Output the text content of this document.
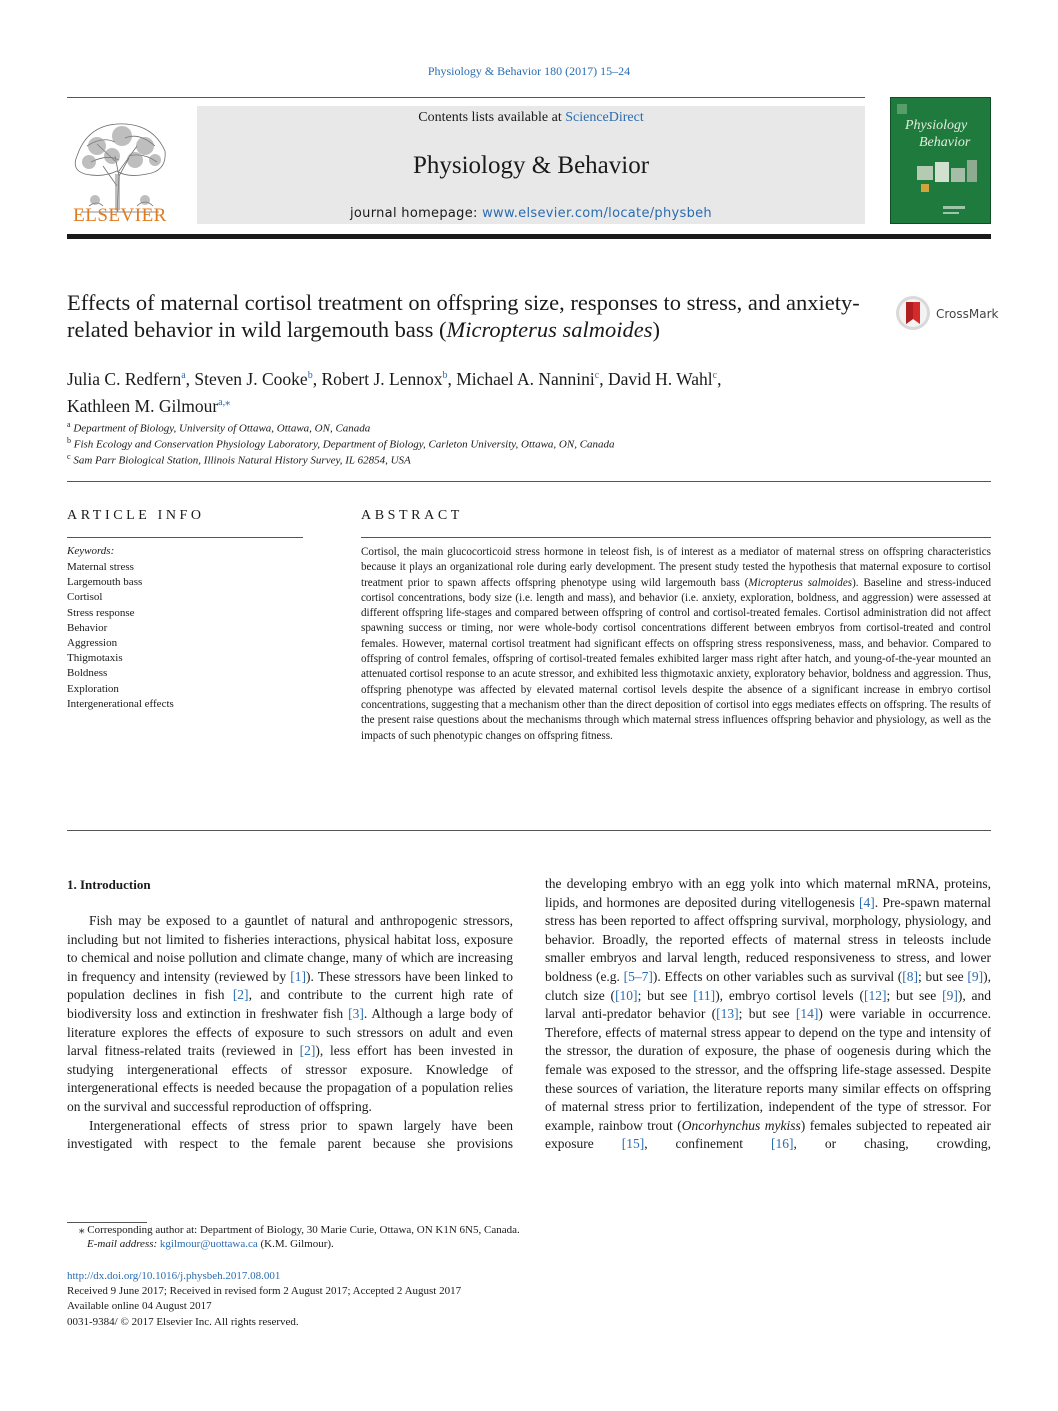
Physiology & Behavior 180 (2017) 15–24
ELSEVIER
Contents lists available at ScienceDirect
Physiology & Behavior
journal homepage: www.elsevier.com/locate/physbeh
Physiology
Behavior
Effects of maternal cortisol treatment on offspring size, responses to stress, and anxiety-related behavior in wild largemouth bass (Micropterus salmoides)
CrossMark
Julia C. Redfern$^a$, Steven J. Cooke$^b$, Robert J. Lennox$^b$, Michael A. Nannini$^c$, David H. Wahl$^c$,
Kathleen M. Gilmour$^{a,⁎}$
$^a$ Department of Biology, University of Ottawa, Ottawa, ON, Canada
$^b$ Fish Ecology and Conservation Physiology Laboratory, Department of Biology, Carleton University, Ottawa, ON, Canada
$^c$ Sam Parr Biological Station, Illinois Natural History Survey, IL 62854, USA
ARTICLE INFO
Keywords:
Maternal stress
Largemouth bass
Cortisol
Stress response
Behavior
Aggression
Thigmotaxis
Boldness
Exploration
Intergenerational effects
ABSTRACT
Cortisol, the main glucocorticoid stress hormone in teleost fish, is of interest as a mediator of maternal stress on offspring characteristics because it plays an organizational role during early development. The present study tested the hypothesis that maternal exposure to cortisol treatment prior to spawn affects offspring phenotype using wild largemouth bass (Micropterus salmoides). Baseline and stress-induced cortisol concentrations, body size (i.e. length and mass), and behavior (i.e. anxiety, exploration, boldness, and aggression) were assessed at different offspring life-stages and compared between offspring of control and cortisol-treated females. Cortisol administration did not affect spawning success or timing, nor were whole-body cortisol concentrations different between embryos from cortisol-treated and control females. However, maternal cortisol treatment had significant effects on offspring stress responsiveness, mass, and behavior. Compared to offspring of control females, offspring of cortisol-treated females exhibited larger mass right after hatch, and young-of-the-year mounted an attenuated cortisol response to an acute stressor, and exhibited less thigmotaxic anxiety, exploratory behavior, boldness and aggression. Thus, offspring phenotype was affected by elevated maternal cortisol levels despite the absence of a significant increase in embryo cortisol concentrations, suggesting that a mechanism other than the direct deposition of cortisol into eggs mediates effects on offspring. The results of the present raise questions about the mechanisms through which maternal stress influences offspring behavior and physiology, as well as the impacts of such phenotypic changes on offspring fitness.
1. Introduction

Fish may be exposed to a gauntlet of natural and anthropogenic stressors, including but not limited to fisheries interactions, physical habitat loss, exposure to chemical and noise pollution and climate change, many of which are increasing in frequency and intensity (reviewed by [1]). These stressors have been linked to population declines in fish [2], and contribute to the current high rate of biodiversity loss and extinction in freshwater fish [3]. Although a large body of literature explores the effects of exposure to such stressors on adult and even larval fitness-related traits (reviewed in [2]), less effort has been invested in studying intergenerational effects of stressor exposure. Knowledge of intergenerational effects is needed because the propagation of a population relies on the survival and successful reproduction of offspring.

Intergenerational effects of stress prior to spawn largely have been investigated with respect to the female parent because she provisions

the developing embryo with an egg yolk into which maternal mRNA, proteins, lipids, and hormones are deposited during vitellogenesis [4]. Pre-spawn maternal stress has been reported to affect offspring survival, morphology, physiology, and behavior. Broadly, the reported effects of maternal stress in teleosts include smaller embryos and larval length, reduced responsiveness to stress, and lower boldness (e.g. [5–7]). Effects on other variables such as survival ([8]; but see [9]), clutch size ([10]; but see [11]), embryo cortisol levels ([12]; but see [9]), and larval anti-predator behavior ([13]; but see [14]) were variable in occurrence. Therefore, effects of maternal stress appear to depend on the type and intensity of the stressor, the duration of exposure, the phase of oogenesis during which the female was exposed to the stressor, and the offspring life-stage assessed. Despite these sources of variation, the literature reports many similar effects on offspring of maternal stress prior to fertilization, independent of the type of stressor. For example, rainbow trout (Oncorhynchus mykiss) females subjected to repeated air exposure [15], confinement [16], or chasing, crowding,

⁎ Corresponding author at: Department of Biology, 30 Marie Curie, Ottawa, ON K1N 6N5, Canada.
E-mail address: kgilmour@uottawa.ca (K.M. Gilmour).
http://dx.doi.org/10.1016/j.physbeh.2017.08.001
Received 9 June 2017; Received in revised form 2 August 2017; Accepted 2 August 2017
Available online 04 August 2017
0031-9384/ © 2017 Elsevier Inc. All rights reserved.
